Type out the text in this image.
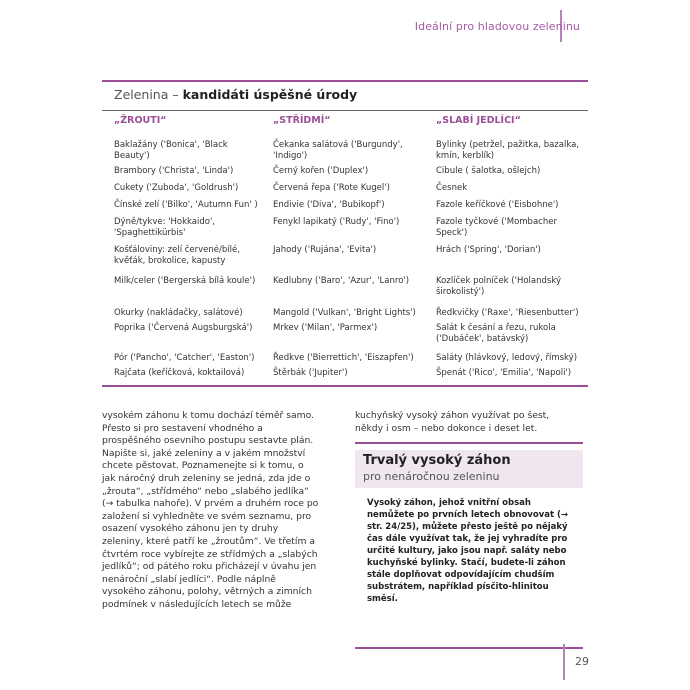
Ideální pro hladovou zeleninu
Zelenina – kandidáti úspěšné úrody
„ŽROUTI“	„STŘÍDMÍ“	„SLABÍ JEDLÍCI“
Baklažány ('Bonica', 'Black Beauty')
Brambory ('Christa', 'Linda')
Cukety ('Zuboda', 'Goldrush')
Čínské zelí ('Bilko', 'Autumn Fun' )
Dýně/tykve: 'Hokkaido', 'Spaghettikürbis'
Košťáloviny: zelí červené/bílé, kvěťák, brokolice, kapusty
Milk/celer ('Bergerská bílá koule')
Okurky (nakládačky, salátové)
Poprika ('Červená Augsburgská')
Pór ('Pancho', 'Catcher', 'Easton')
Rajčata (keříčková, koktailová)
Čekanka salátová ('Burgundy', 'Indigo')
Černý kořen ('Duplex')
Červená řepa ('Rote Kugel')
Endivie ('Diva', 'Bubikopf')
Fenykl lapikatý ('Rudy', 'Fino')
Jahody ('Rujána', 'Evita')
Kedlubny ('Baro', 'Azur', 'Lanro')
Mangold ('Vulkan', 'Bright Lights')
Mrkev ('Milan', 'Parmex')
Ředkve ('Bierrettich', 'Eiszapfen')
Štěrbák ('Jupiter')
Bylinky (petržel, pažitka, bazalka, kmín, kerblík)
Cibule ( šalotka, ošlejch)
Česnek
Fazole keříčkové ('Eisbohne')
Fazole tyčkové ('Mombacher Speck')
Hrách ('Spring', 'Dorian')
Kozlíček polníček ('Holandský širokolistý')
Ředkvičky ('Raxe', 'Riesenbutter')
Salát k česání a řezu, rukola ('Dubáček', batávský)
Saláty (hlávkový, ledový, římský)
Špenát ('Rico', 'Emilia', 'Napoli')
vysokém záhonu k tomu dochází téměř samo. Přesto si pro sestavení vhodného a prospěšného osevního postupu sestavte plán. Napište si, jaké zeleniny a v jakém množství chcete pěstovat. Poznamenejte si k tomu, o jak náročný druh zeleniny se jedná, zda jde o „žrouta“, „střídmého“ nebo „slabého jedlíka“ (→ tabulka nahoře). V prvém a druhém roce po založení si vyhledněte ve svém seznamu, pro osazení vysokého záhonu jen ty druhy zeleniny, které patří ke „žroutům“. Ve třetím a čtvrtém roce vybírejte ze střídmých a „slabých jedlíků“; od pátého roku přicházejí v úvahu jen nenároční „slabí jedlíci“. Podle náplně vysokého záhonu, polohy, větrných a zimních podmínek v následujících letech se může
kuchyňský vysoký záhon využívat po šest, někdy i osm – nebo dokonce i deset let.
Trvalý vysoký záhon
pro nenáročnou zeleninu
Vysoký záhon, jehož vnitřní obsah nemůžete po prvních letech obnovovat (→ str. 24/25), můžete přesto ještě po nějaký čas dále využívat tak, že jej vyhradíte pro určité kultury, jako jsou např. saláty nebo kuchyňské bylinky. Stačí, budete-li záhon stále doplňovat odpovídajícím chudším substrátem, například písčito-hlinitou směsí.
29
